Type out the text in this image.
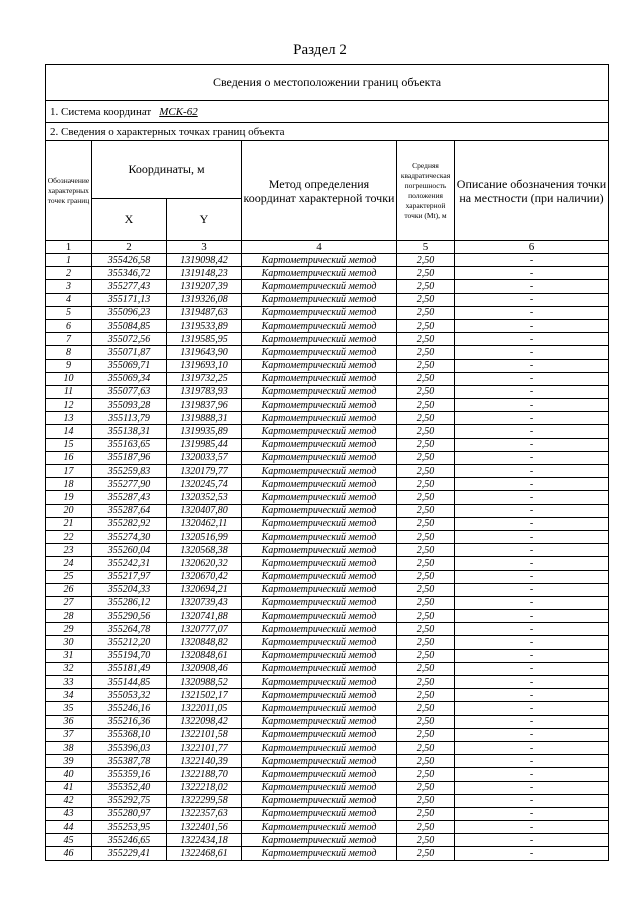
Раздел 2
Сведения о местоположении границ объекта					
1. Система координат МСК-62					
2. Сведения о характерных точках границ объекта					
Обозначение характерных точек границ	Координаты, м		Метод определения координат характерной точки	Средняя квадратическая погрешность положения характерной точки (Mt), м	Описание обозначения точки на местности (при наличии)
	X	Y			
1	2	3	4	5	6
1	355426,58	1319098,42	Картометрический метод	2,50	-
2	355346,72	1319148,23	Картометрический метод	2,50	-
3	355277,43	1319207,39	Картометрический метод	2,50	-
4	355171,13	1319326,08	Картометрический метод	2,50	-
5	355096,23	1319487,63	Картометрический метод	2,50	-
6	355084,85	1319533,89	Картометрический метод	2,50	-
7	355072,56	1319585,95	Картометрический метод	2,50	-
8	355071,87	1319643,90	Картометрический метод	2,50	-
9	355069,71	1319693,10	Картометрический метод	2,50	-
10	355069,34	1319732,25	Картометрический метод	2,50	-
11	355077,63	1319783,93	Картометрический метод	2,50	-
12	355093,28	1319837,96	Картометрический метод	2,50	-
13	355113,79	1319888,31	Картометрический метод	2,50	-
14	355138,31	1319935,89	Картометрический метод	2,50	-
15	355163,65	1319985,44	Картометрический метод	2,50	-
16	355187,96	1320033,57	Картометрический метод	2,50	-
17	355259,83	1320179,77	Картометрический метод	2,50	-
18	355277,90	1320245,74	Картометрический метод	2,50	-
19	355287,43	1320352,53	Картометрический метод	2,50	-
20	355287,64	1320407,80	Картометрический метод	2,50	-
21	355282,92	1320462,11	Картометрический метод	2,50	-
22	355274,30	1320516,99	Картометрический метод	2,50	-
23	355260,04	1320568,38	Картометрический метод	2,50	-
24	355242,31	1320620,32	Картометрический метод	2,50	-
25	355217,97	1320670,42	Картометрический метод	2,50	-
26	355204,33	1320694,21	Картометрический метод	2,50	-
27	355286,12	1320739,43	Картометрический метод	2,50	-
28	355290,56	1320741,88	Картометрический метод	2,50	-
29	355264,78	1320777,07	Картометрический метод	2,50	-
30	355212,20	1320848,82	Картометрический метод	2,50	-
31	355194,70	1320848,61	Картометрический метод	2,50	-
32	355181,49	1320908,46	Картометрический метод	2,50	-
33	355144,85	1320988,52	Картометрический метод	2,50	-
34	355053,32	1321502,17	Картометрический метод	2,50	-
35	355246,16	1322011,05	Картометрический метод	2,50	-
36	355216,36	1322098,42	Картометрический метод	2,50	-
37	355368,10	1322101,58	Картометрический метод	2,50	-
38	355396,03	1322101,77	Картометрический метод	2,50	-
39	355387,78	1322140,39	Картометрический метод	2,50	-
40	355359,16	1322188,70	Картометрический метод	2,50	-
41	355352,40	1322218,02	Картометрический метод	2,50	-
42	355292,75	1322299,58	Картометрический метод	2,50	-
43	355280,97	1322357,63	Картометрический метод	2,50	-
44	355253,95	1322401,56	Картометрический метод	2,50	-
45	355246,65	1322434,18	Картометрический метод	2,50	-
46	355229,41	1322468,61	Картометрический метод	2,50	-
